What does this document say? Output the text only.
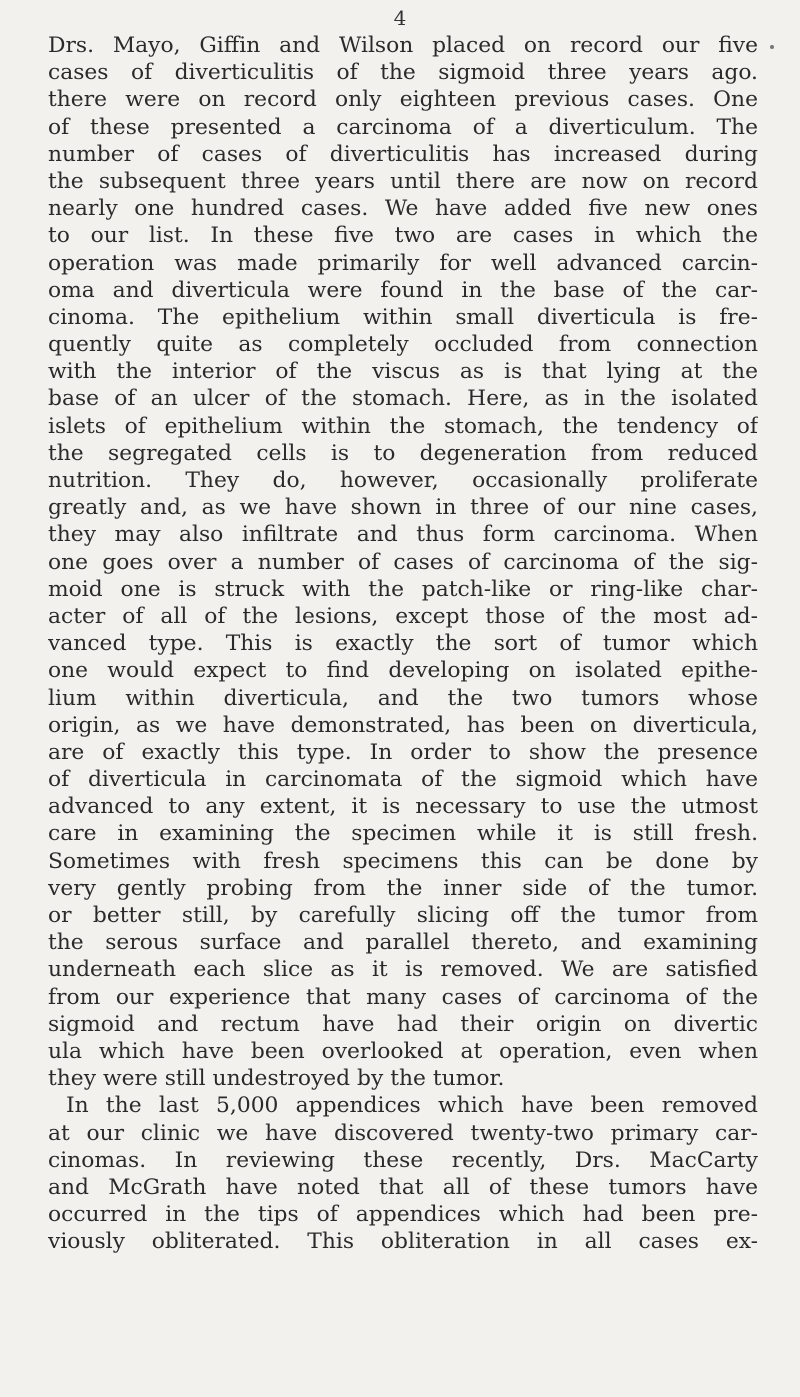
4
Drs. Mayo, Giffin and Wilson placed on record our five
cases of diverticulitis of the sigmoid three years ago.
there were on record only eighteen previous cases. One
of these presented a carcinoma of a diverticulum. The
number of cases of diverticulitis has increased during
the subsequent three years until there are now on record
nearly one hundred cases. We have added five new ones
to our list. In these five two are cases in which the
operation was made primarily for well advanced carcin-
oma and diverticula were found in the base of the car-
cinoma. The epithelium within small diverticula is fre-
quently quite as completely occluded from connection
with the interior of the viscus as is that lying at the
base of an ulcer of the stomach. Here, as in the isolated
islets of epithelium within the stomach, the tendency of
the segregated cells is to degeneration from reduced
nutrition. They do, however, occasionally proliferate
greatly and, as we have shown in three of our nine cases,
they may also infiltrate and thus form carcinoma. When
one goes over a number of cases of carcinoma of the sig-
moid one is struck with the patch-like or ring-like char-
acter of all of the lesions, except those of the most ad-
vanced type. This is exactly the sort of tumor which
one would expect to find developing on isolated epithe-
lium within diverticula, and the two tumors whose
origin, as we have demonstrated, has been on diverticula,
are of exactly this type. In order to show the presence
of diverticula in carcinomata of the sigmoid which have
advanced to any extent, it is necessary to use the utmost
care in examining the specimen while it is still fresh.
Sometimes with fresh specimens this can be done by
very gently probing from the inner side of the tumor.
or better still, by carefully slicing off the tumor from
the serous surface and parallel thereto, and examining
underneath each slice as it is removed. We are satisfied
from our experience that many cases of carcinoma of the
sigmoid and rectum have had their origin on divertic
ula which have been overlooked at operation, even when
they were still undestroyed by the tumor.
In the last 5,000 appendices which have been removed
at our clinic we have discovered twenty-two primary car-
cinomas. In reviewing these recently, Drs. MacCarty
and McGrath have noted that all of these tumors have
occurred in the tips of appendices which had been pre-
viously obliterated. This obliteration in all cases ex-
